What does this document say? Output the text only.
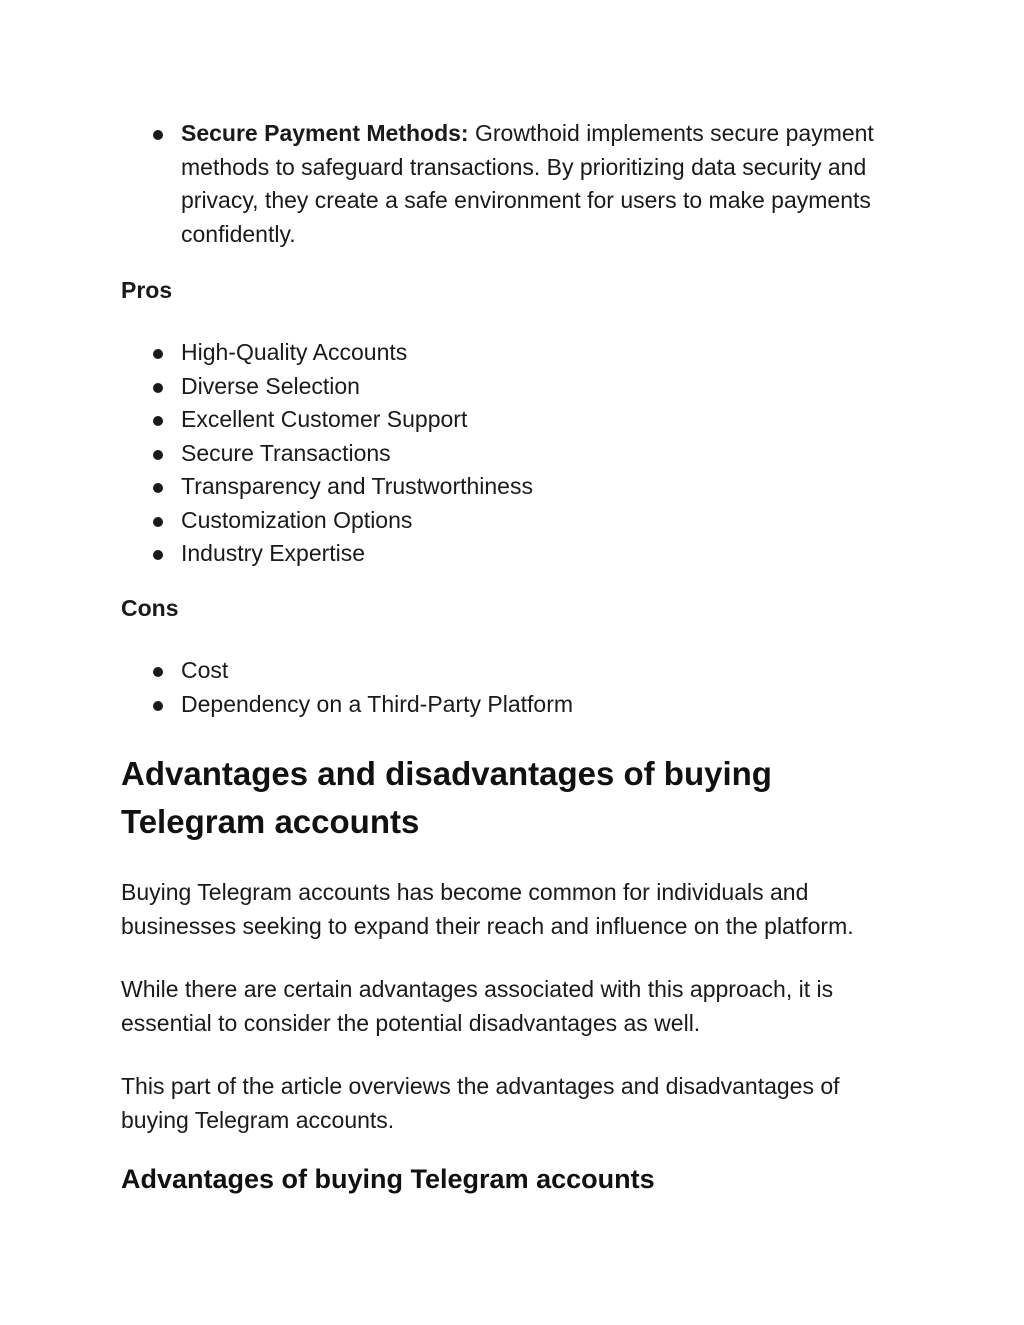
Secure Payment Methods: Growthoid implements secure payment methods to safeguard transactions. By prioritizing data security and privacy, they create a safe environment for users to make payments confidently.
Pros
High-Quality Accounts
Diverse Selection
Excellent Customer Support
Secure Transactions
Transparency and Trustworthiness
Customization Options
Industry Expertise
Cons
Cost
Dependency on a Third-Party Platform
Advantages and disadvantages of buying Telegram accounts

Buying Telegram accounts has become common for individuals and businesses seeking to expand their reach and influence on the platform.

While there are certain advantages associated with this approach, it is essential to consider the potential disadvantages as well.

This part of the article overviews the advantages and disadvantages of buying Telegram accounts.

Advantages of buying Telegram accounts
